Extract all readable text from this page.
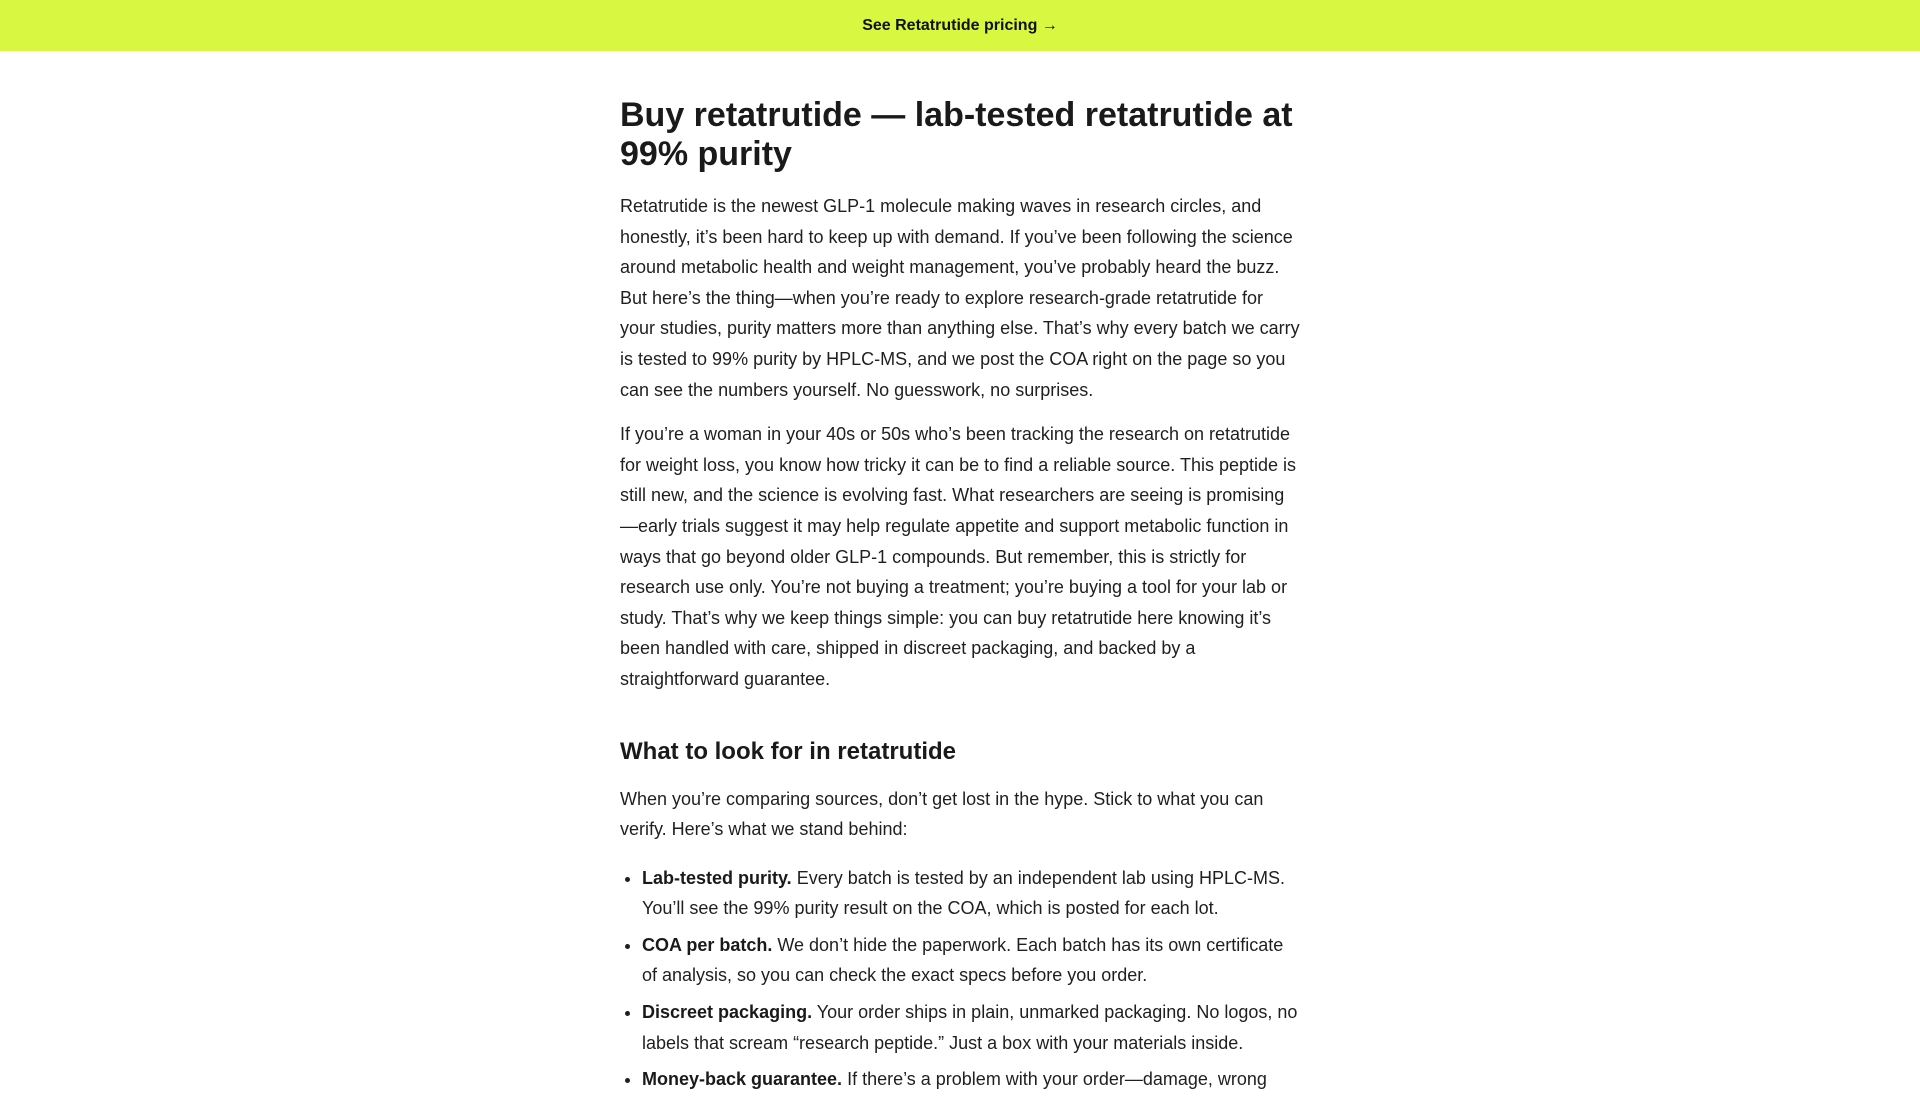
See Retatrutide pricing →
Buy retatrutide — lab-tested retatrutide at 99% purity

Retatrutide is the newest GLP-1 molecule making waves in research circles, and honestly, it’s been hard to keep up with demand. If you’ve been following the science around metabolic health and weight management, you’ve probably heard the buzz. But here’s the thing—when you’re ready to explore research-grade retatrutide for your studies, purity matters more than anything else. That’s why every batch we carry is tested to 99% purity by HPLC-MS, and we post the COA right on the page so you can see the numbers yourself. No guesswork, no surprises.

If you’re a woman in your 40s or 50s who’s been tracking the research on retatrutide for weight loss, you know how tricky it can be to find a reliable source. This peptide is still new, and the science is evolving fast. What researchers are seeing is promising—early trials suggest it may help regulate appetite and support metabolic function in ways that go beyond older GLP-1 compounds. But remember, this is strictly for research use only. You’re not buying a treatment; you’re buying a tool for your lab or study. That’s why we keep things simple: you can buy retatrutide here knowing it’s been handled with care, shipped in discreet packaging, and backed by a straightforward guarantee.

What to look for in retatrutide

When you’re comparing sources, don’t get lost in the hype. Stick to what you can verify. Here’s what we stand behind:

• Lab-tested purity. Every batch is tested by an independent lab using HPLC-MS. You’ll see the 99% purity result on the COA, which is posted for each lot.
• COA per batch. We don’t hide the paperwork. Each batch has its own certificate of analysis, so you can check the exact specs before you order.
• Discreet packaging. Your order ships in plain, unmarked packaging. No logos, no labels that scream “research peptide.” Just a box with your materials inside.
• Money-back guarantee. If there’s a problem with your order—damage, wrong
